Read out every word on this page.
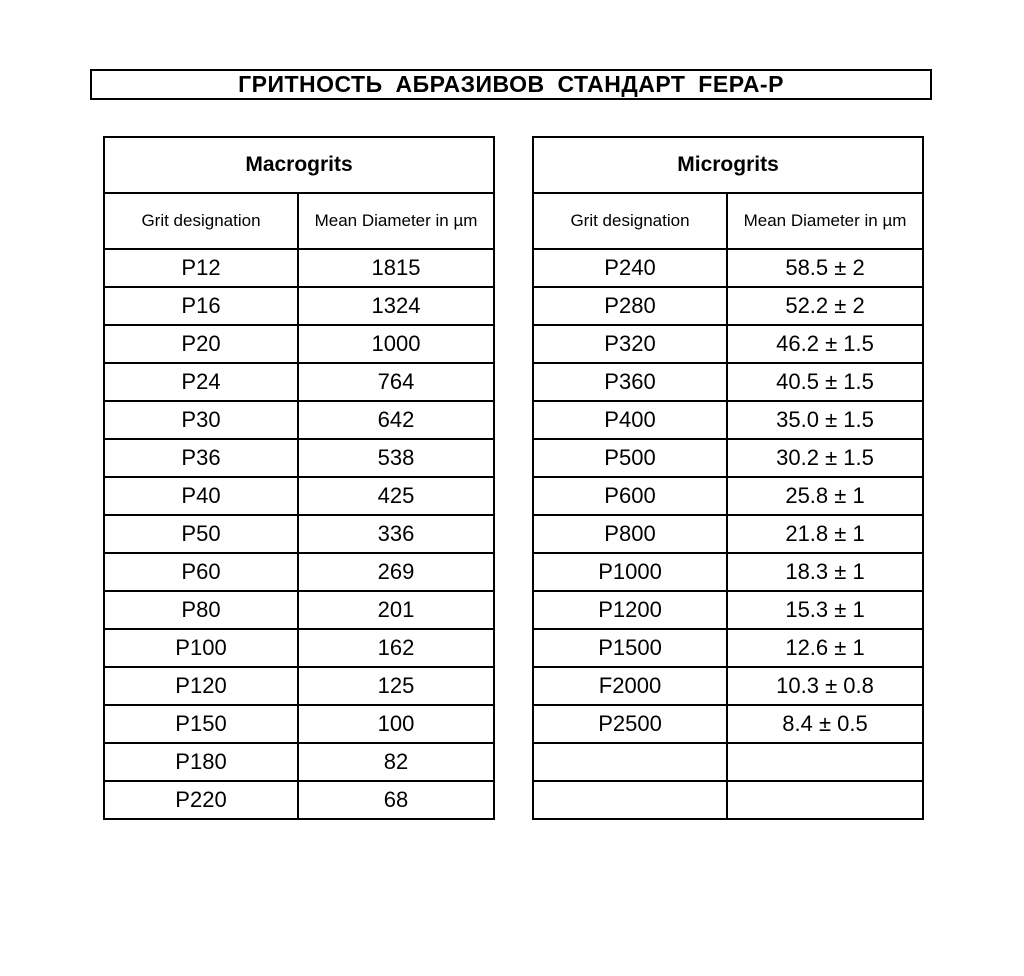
ГРИТНОСТЬ АБРАЗИВОВ СТАНДАРТ FEPA-P
Macrogrits	
Grit designation	Mean Diameter in µm
P12	1815
P16	1324
P20	1000
P24	764
P30	642
P36	538
P40	425
P50	336
P60	269
P80	201
P100	162
P120	125
P150	100
P180	82
P220	68
Microgrits	
Grit designation	Mean Diameter in µm
P240	58.5 ± 2
P280	52.2 ± 2
P320	46.2 ± 1.5
P360	40.5 ± 1.5
P400	35.0 ± 1.5
P500	30.2 ± 1.5
P600	25.8 ± 1
P800	21.8 ± 1
P1000	18.3 ± 1
P1200	15.3 ± 1
P1500	12.6 ± 1
F2000	10.3 ± 0.8
P2500	8.4 ± 0.5
